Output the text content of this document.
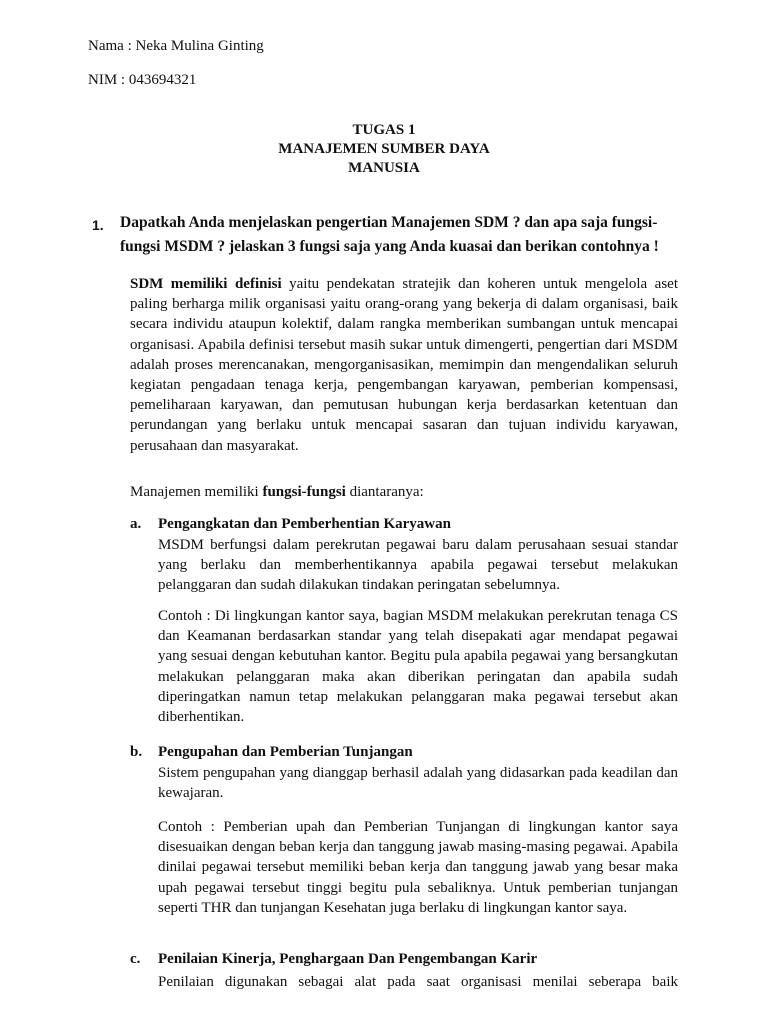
Nama : Neka Mulina Ginting
NIM : 043694321
TUGAS 1
MANAJEMEN SUMBER DAYA
MANUSIA
1. Dapatkah Anda menjelaskan pengertian Manajemen SDM ? dan apa saja fungsi-fungsi MSDM ? jelaskan 3 fungsi saja yang Anda kuasai dan berikan contohnya !
SDM memiliki definisi yaitu pendekatan stratejik dan koheren untuk mengelola aset paling berharga milik organisasi yaitu orang-orang yang bekerja di dalam organisasi, baik secara individu ataupun kolektif, dalam rangka memberikan sumbangan untuk mencapai organisasi. Apabila definisi tersebut masih sukar untuk dimengerti, pengertian dari MSDM adalah proses merencanakan, mengorganisasikan, memimpin dan mengendalikan seluruh kegiatan pengadaan tenaga kerja, pengembangan karyawan, pemberian kompensasi, pemeliharaan karyawan, dan pemutusan hubungan kerja berdasarkan ketentuan dan perundangan yang berlaku untuk mencapai sasaran dan tujuan individu karyawan, perusahaan dan masyarakat.
Manajemen memiliki fungsi-fungsi diantaranya:
a. Pengangkatan dan Pemberhentian Karyawan
MSDM berfungsi dalam perekrutan pegawai baru dalam perusahaan sesuai standar yang berlaku dan memberhentikannya apabila pegawai tersebut melakukan pelanggaran dan sudah dilakukan tindakan peringatan sebelumnya.
Contoh : Di lingkungan kantor saya, bagian MSDM melakukan perekrutan tenaga CS dan Keamanan berdasarkan standar yang telah disepakati agar mendapat pegawai yang sesuai dengan kebutuhan kantor. Begitu pula apabila pegawai yang bersangkutan melakukan pelanggaran maka akan diberikan peringatan dan apabila sudah diperingatkan namun tetap melakukan pelanggaran maka pegawai tersebut akan diberhentikan.
b. Pengupahan dan Pemberian Tunjangan
Sistem pengupahan yang dianggap berhasil adalah yang didasarkan pada keadilan dan kewajaran.
Contoh : Pemberian upah dan Pemberian Tunjangan di lingkungan kantor saya disesuaikan dengan beban kerja dan tanggung jawab masing-masing pegawai. Apabila dinilai pegawai tersebut memiliki beban kerja dan tanggung jawab yang besar maka upah pegawai tersebut tinggi begitu pula sebaliknya. Untuk pemberian tunjangan seperti THR dan tunjangan Kesehatan juga berlaku di lingkungan kantor saya.
c. Penilaian Kinerja, Penghargaan Dan Pengembangan Karir
Penilaian digunakan sebagai alat pada saat organisasi menilai seberapa baik
